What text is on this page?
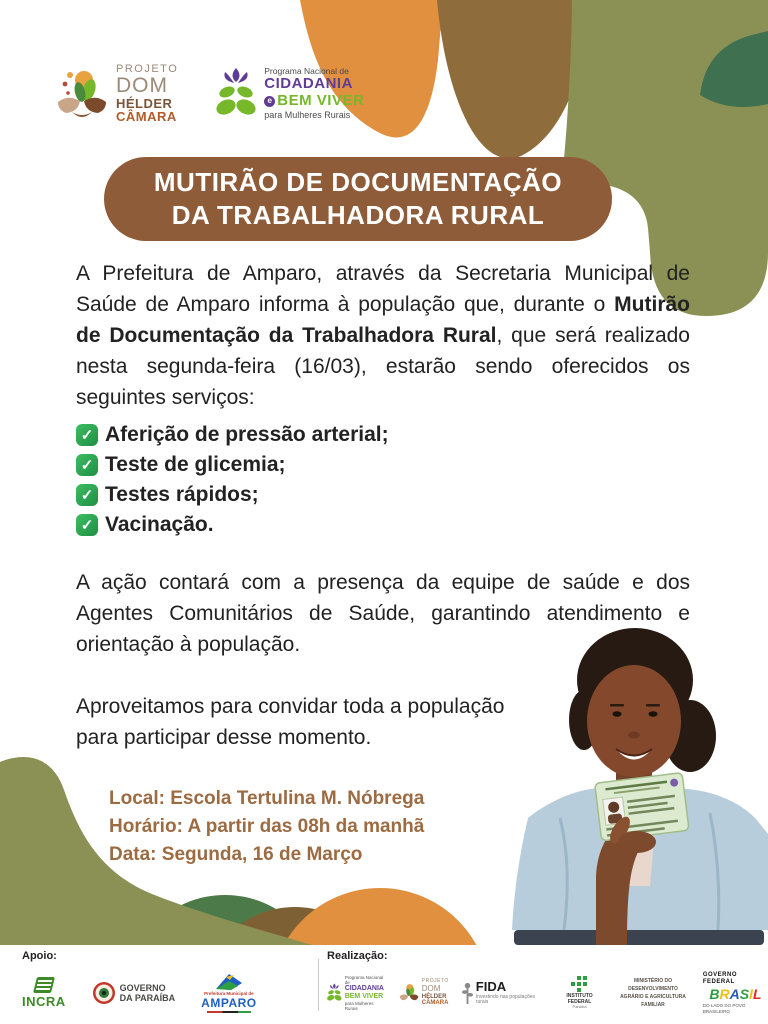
PROJETO
DOM
HÉLDER
CÂMARA
Programa Nacional de
CIDADANIA
e BEM VIVER
para Mulheres Rurais
MUTIRÃO DE DOCUMENTAÇÃO
DA TRABALHADORA RURAL

A Prefeitura de Amparo, através da Secretaria Municipal de Saúde de Amparo informa à população que, durante o Mutirão de Documentação da Trabalhadora Rural, que será realizado nesta segunda-feira (16/03), estarão sendo oferecidos os seguintes serviços:

✓ Aferição de pressão arterial;
✓ Teste de glicemia;
✓ Testes rápidos;
✓ Vacinação.

A ação contará com a presença da equipe de saúde e dos Agentes Comunitários de Saúde, garantindo atendimento e orientação à população.

Aproveitamos para convidar toda a população para participar desse momento.

Local: Escola Tertulina M. Nóbrega
Horário: A partir das 08h da manhã
Data: Segunda, 16 de Março
Apoio:
INCRA
GOVERNO
DA PARAÍBA	Prefeitura Municipal de
AMPARO
Realização:
Programa Nacional de
CIDADANIA
BEM VIVER
para Mulheres Rurais
PROJETO
DOM
HÉLDER
CÂMARA
FIDA
Investindo nas populações rurais
INSTITUTO FEDERAL
Paraíba
MINISTÉRIO DO DESENVOLVIMENTO AGRÁRIO E AGRICULTURA FAMILIAR
GOVERNO FEDERAL
B R A S I L
DO LADO DO POVO BRASILEIRO
